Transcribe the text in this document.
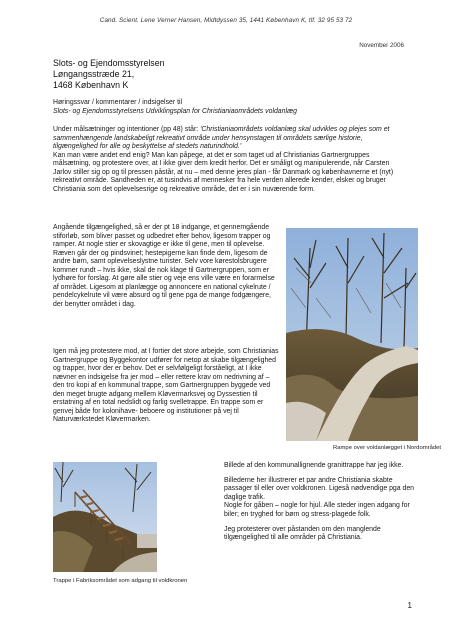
Cand. Scient. Lene Verner Hansen, Midtdyssen 35, 1441 København K, tlf. 32 95 53 72
November 2006
Slots- og Ejendomsstyrelsen
Løngangsstræde 21,
1468 København K
Høringssvar / kommentarer / indsigelser til
Slots- og Ejendomsstyrelsens Udviklingsplan for Christianiaområdets voldanlæg

Under målsætninger og intentioner (pp 48) står: 'Christianiaområdets voldanlæg skal udvikles og plejes som et sammenhængende landskabeligt rekreativt område under hensynstagen til områdets særlige historie, tilgængelighed for alle og beskyttelse af stedets naturindhold.'

Kan man være andet end enig? Man kan påpege, at det er som taget ud af Christianias Gartnergruppes målsætning, og protestere over, at I ikke giver dem kredit herfor. Det er småligt og manipulerende, når Carsten Jarlov stiller sig op og til pressen påstår, at nu – med denne jeres plan - får Danmark og københavnerne et (nyt) rekreativt område. Sandheden er, at tusindvis af mennesker fra hele verden allerede kender, elsker og bruger Christiania som det oplevelsesrige og rekreative område, det er i sin nuværende form.

Angående tilgængelighed, så er der pt 18 indgange, et gennemgående stiforløb, som bliver passet og udbedret efter behov, ligesom trapper og ramper. At nogle stier er skovagtige er ikke til gene, men til oplevelse. Ræven går der og pindsvinet; hestepigerne kan finde dem, ligesom de andre børn, samt oplevelseslystne turister. Selv vore kørestolsbrugere kommer rundt – hvis ikke, skal de nok klage til Gartnergruppen, som er lydhøre for forslag. At gøre alle stier og veje ens ville være en forarmelse af området. Ligesom at planlægge og annoncere en national cykelrute / pendelcykelrute vil være absurd og til gene pga de mange fodgængere, der benytter området i dag.
Igen må jeg protestere mod, at I fortier det store arbejde, som Christianias Gartnergruppe og Byggekontor udfører for netop at skabe tilgængelighed og trapper, hvor der er behov. Det er selvfølgeligt forståeligt, at I ikke nævner en indsigelse fra jer mod – eller rettere krav om nedrivning af – den tro kopi af en kommunal trappe, som Gartnergruppen byggede ved den meget brugte adgang mellem Kløvermarksvej og Dyssestien til erstatning af en total nedslidt og farlig svelletrappe. En trappe som er genvej både for kolonihave- beboere og institutioner på vej til Naturværkstedet Kløvermarken.
Rampe over voldanlægget i Nordområdet

Billede af den kommunallignende granittrappe har jeg ikke.

Billederne her illustrerer et par andre Christiania skabte passager til eller over voldkronen. Ligeså nødvendige pga den daglige trafik.

Nogle for gåben – nogle for hjul. Alle steder ingen adgang for biler; en tryghed for børn og stress-plagede folk.

Jeg protesterer over påstanden om den manglende tilgængelighed til alle områder på Christiania.

Trappe i Fabriksområdet som adgang til voldkronen
1
